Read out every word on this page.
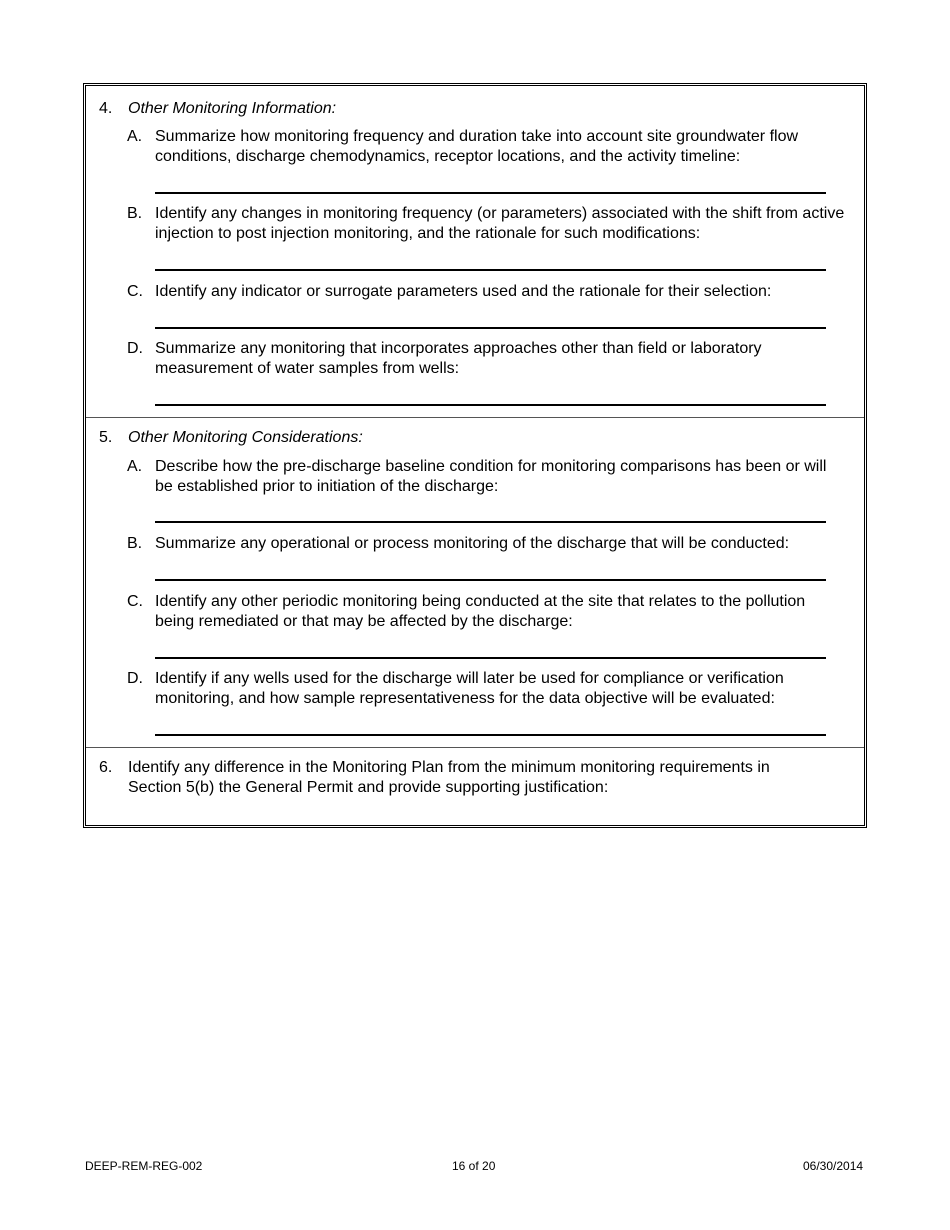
4. Other Monitoring Information:
A. Summarize how monitoring frequency and duration take into account site groundwater flow conditions, discharge chemodynamics, receptor locations, and the activity timeline:
B. Identify any changes in monitoring frequency (or parameters) associated with the shift from active injection to post injection monitoring, and the rationale for such modifications:
C. Identify any indicator or surrogate parameters used and the rationale for their selection:
D. Summarize any monitoring that incorporates approaches other than field or laboratory measurement of water samples from wells:
5. Other Monitoring Considerations:
A. Describe how the pre-discharge baseline condition for monitoring comparisons has been or will be established prior to initiation of the discharge:
B. Summarize any operational or process monitoring of the discharge that will be conducted:
C. Identify any other periodic monitoring being conducted at the site that relates to the pollution being remediated or that may be affected by the discharge:
D. Identify if any wells used for the discharge will later be used for compliance or verification monitoring, and how sample representativeness for the data objective will be evaluated:
6. Identify any difference in the Monitoring Plan from the minimum monitoring requirements in Section 5(b) the General Permit and provide supporting justification:
DEEP-REM-REG-002	16 of 20	06/30/2014
